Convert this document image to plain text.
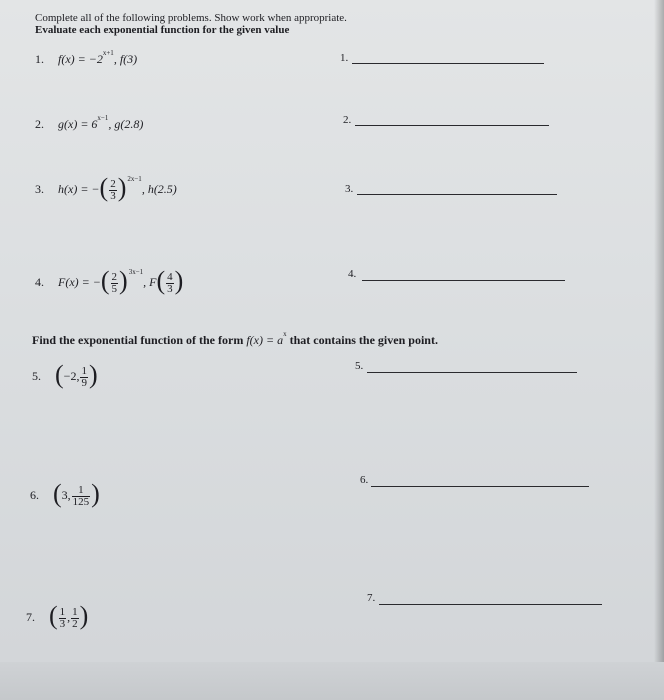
Complete all of the following problems. Show work when appropriate.
Evaluate each exponential function for the given value
1. $f(x) = -2^{x+1}$, f(3)
2. $g(x) = 6^{x-1}$, g(2.8)
3. h(x) = −( $\frac{2}{3} )^{2x-1}$, h(2.5)
4. F(x) = −( $\frac{2}{5} )^{3x-1}$, $F( \frac{4}{3}$ )
Find the exponential function of the form $f(x) = a^x$ that contains the given point.
5. (−2, $\frac{1}{9}$ )
6. (3, $\frac{1}{125}$ )
7. ( $\frac{1}{3}$ , $\frac{1}{2}$ )
1.
2.
3.
4.
5.
6.
7.
